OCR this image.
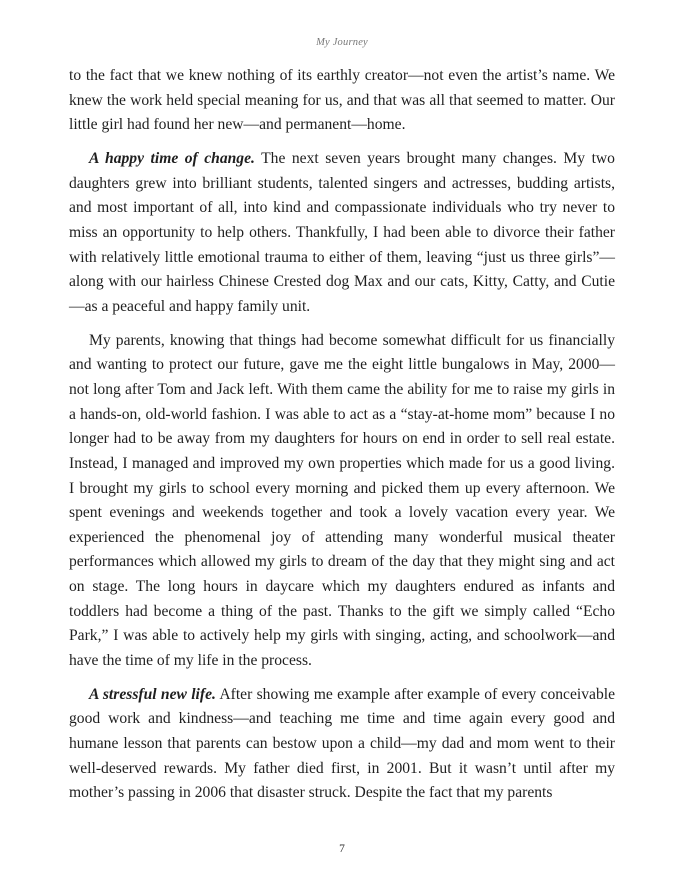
My Journey

to the fact that we knew nothing of its earthly creator—not even the artist’s name. We knew the work held special meaning for us, and that was all that seemed to matter. Our little girl had found her new—and permanent—home.

A happy time of change. The next seven years brought many changes. My two daughters grew into brilliant students, talented singers and actresses, budding artists, and most important of all, into kind and compassionate individuals who try never to miss an opportunity to help others. Thankfully, I had been able to divorce their father with relatively little emotional trauma to either of them, leaving “just us three girls”—along with our hairless Chinese Crested dog Max and our cats, Kitty, Catty, and Cutie—as a peaceful and happy family unit.

My parents, knowing that things had become somewhat difficult for us financially and wanting to protect our future, gave me the eight little bungalows in May, 2000—not long after Tom and Jack left. With them came the ability for me to raise my girls in a hands-on, old-world fashion. I was able to act as a “stay-at-home mom” because I no longer had to be away from my daughters for hours on end in order to sell real estate. Instead, I managed and improved my own properties which made for us a good living. I brought my girls to school every morning and picked them up every afternoon. We spent evenings and weekends together and took a lovely vacation every year. We experienced the phenomenal joy of attending many wonderful musical theater performances which allowed my girls to dream of the day that they might sing and act on stage. The long hours in daycare which my daughters endured as infants and toddlers had become a thing of the past. Thanks to the gift we simply called “Echo Park,” I was able to actively help my girls with singing, acting, and schoolwork—and have the time of my life in the process.

A stressful new life. After showing me example after example of every conceivable good work and kindness—and teaching me time and time again every good and humane lesson that parents can bestow upon a child—my dad and mom went to their well-deserved rewards. My father died first, in 2001. But it wasn’t until after my mother’s passing in 2006 that disaster struck. Despite the fact that my parents

7
